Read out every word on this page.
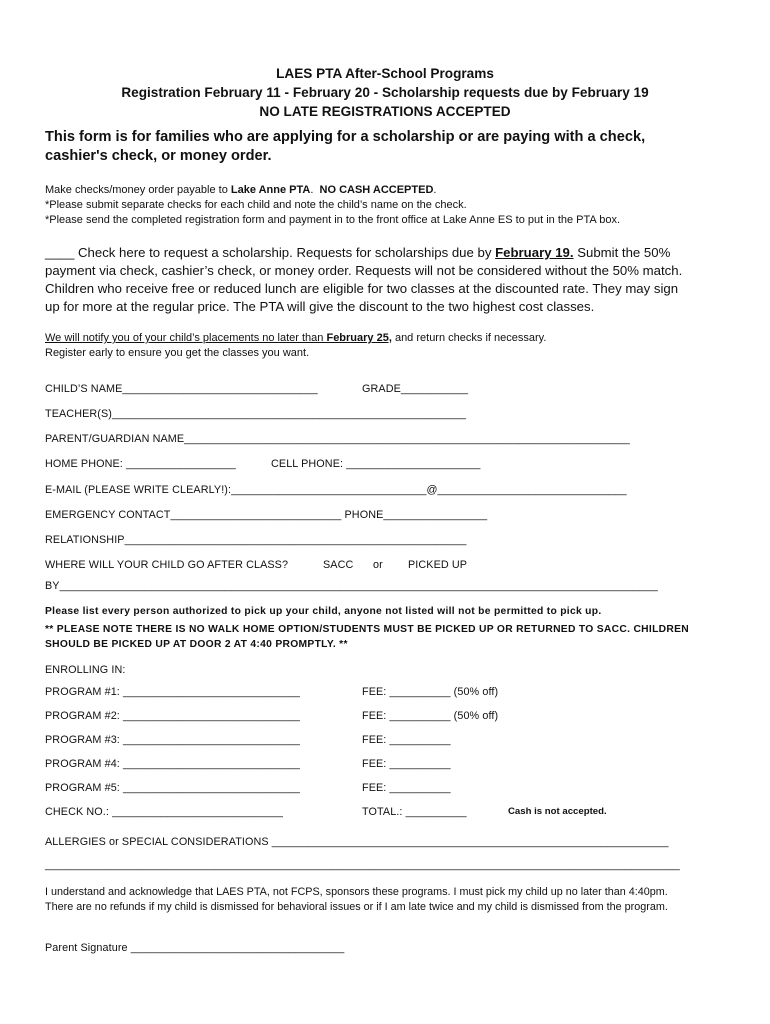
LAES PTA After-School Programs
Registration February 11 - February 20 - Scholarship requests due by February 19
NO LATE REGISTRATIONS ACCEPTED
This form is for families who are applying for a scholarship or are paying with a check,
cashier's check, or money order.
Make checks/money order payable to Lake Anne PTA.  NO CASH ACCEPTED.
*Please submit separate checks for each child and note the child’s name on the check.
*Please send the completed registration form and payment in to the front office at Lake Anne ES to put in the PTA box.
____ Check here to request a scholarship. Requests for scholarships due by February 19. Submit the 50%
payment via check, cashier’s check, or money order. Requests will not be considered without the 50% match.
Children who receive free or reduced lunch are eligible for two classes at the discounted rate. They may sign
up for more at the regular price. The PTA will give the discount to the two highest cost classes.
We will notify you of your child’s placements no later than February 25, and return checks if necessary.
Register early to ensure you get the classes you want.
CHILD’S NAME________________________________	GRADE___________
TEACHER(S)__________________________________________________________
PARENT/GUARDIAN NAME_________________________________________________________________________
HOME PHONE: __________________	CELL PHONE: ______________________
E-MAIL (PLEASE WRITE CLEARLY!):________________________________@_______________________________
EMERGENCY CONTACT____________________________ PHONE_________________
RELATIONSHIP________________________________________________________
WHERE WILL YOUR CHILD GO AFTER CLASS?	SACC or PICKED UP
BY__________________________________________________________________________________________________
Please list every person authorized to pick up your child, anyone not listed will not be permitted to pick up.
** PLEASE NOTE THERE IS NO WALK HOME OPTION/STUDENTS MUST BE PICKED UP OR RETURNED TO SACC. CHILDREN
SHOULD BE PICKED UP AT DOOR 2 AT 4:40 PROMPTLY. **
ENROLLING IN:
PROGRAM #1: _____________________________	FEE: __________ (50% off)
PROGRAM #2: _____________________________	FEE: __________ (50% off)
PROGRAM #3: _____________________________	FEE: __________
PROGRAM #4: _____________________________	FEE: __________
PROGRAM #5: _____________________________	FEE: __________
CHECK NO.: ____________________________	TOTAL.: __________	Cash is not accepted.
ALLERGIES or SPECIAL CONSIDERATIONS _________________________________________________________________
________________________________________________________________________________________________________
I understand and acknowledge that LAES PTA, not FCPS, sponsors these programs. I must pick my child up no later than 4:40pm.
There are no refunds if my child is dismissed for behavioral issues or if I am late twice and my child is dismissed from the program.
Parent Signature ___________________________________
